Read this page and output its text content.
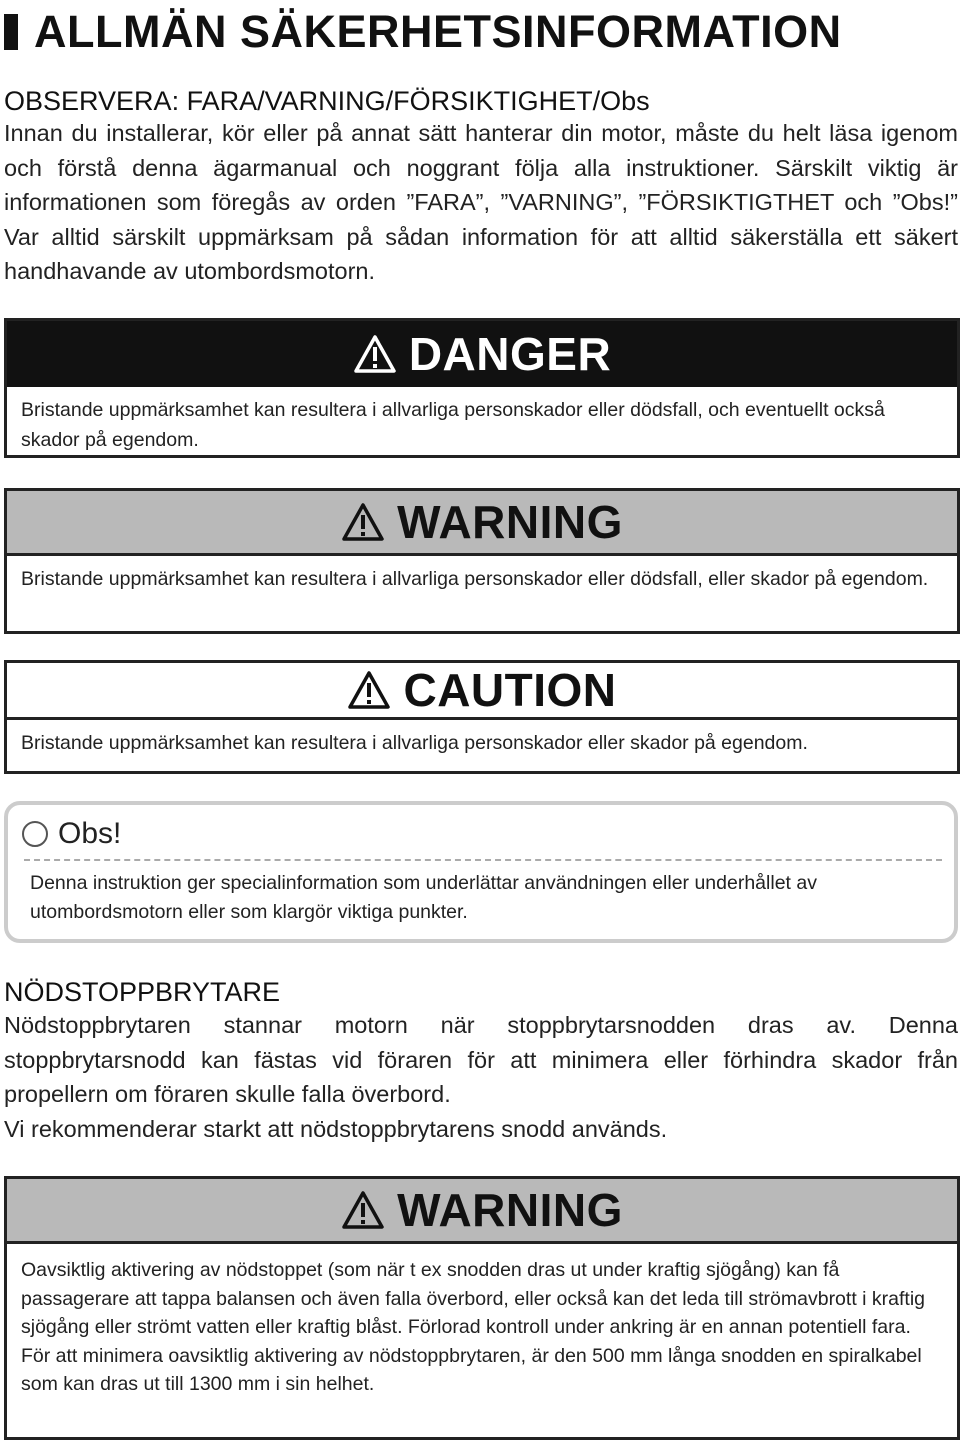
ALLMÄN SÄKERHETSINFORMATION
OBSERVERA: FARA/VARNING/FÖRSIKTIGHET/Obs
Innan du installerar, kör eller på annat sätt hanterar din motor, måste du helt läsa igenom och förstå denna ägarmanual och noggrant följa alla instruktioner. Särskilt viktig är informationen som föregås av orden ”FARA”, ”VARNING”, ”FÖRSIKTIGTHET och ”Obs!” Var alltid särskilt uppmärksam på sådan information för att alltid säkerställa ett säkert handhavande av utombordsmotorn.
DANGER
Bristande uppmärksamhet kan resultera i allvarliga personskador eller dödsfall, och eventuellt också skador på egendom.
WARNING
Bristande uppmärksamhet kan resultera i allvarliga personskador eller dödsfall, eller skador på egendom.
CAUTION
Bristande uppmärksamhet kan resultera i allvarliga personskador eller skador på egendom.
Obs!
Denna instruktion ger specialinformation som underlättar användningen eller underhållet av utombordsmotorn eller som klargör viktiga punkter.
NÖDSTOPPBRYTARE

Nödstoppbrytaren stannar motorn när stoppbrytarsnodden dras av. Denna stoppbrytarsnodd kan fästas vid föraren för att minimera eller förhindra skador från propellern om föraren skulle falla överbord.

Vi rekommenderar starkt att nödstoppbrytarens snodd används.

WARNING

Oavsiktlig aktivering av nödstoppet (som när t ex snodden dras ut under kraftig sjögång) kan få passagerare att tappa balansen och även falla överbord, eller också kan det leda till strömavbrott i kraftig sjögång eller strömt vatten eller kraftig blåst. Förlorad kontroll under ankring är en annan potentiell fara.

För att minimera oavsiktlig aktivering av nödstoppbrytaren, är den 500 mm långa snodden en spiralkabel som kan dras ut till 1300 mm i sin helhet.
